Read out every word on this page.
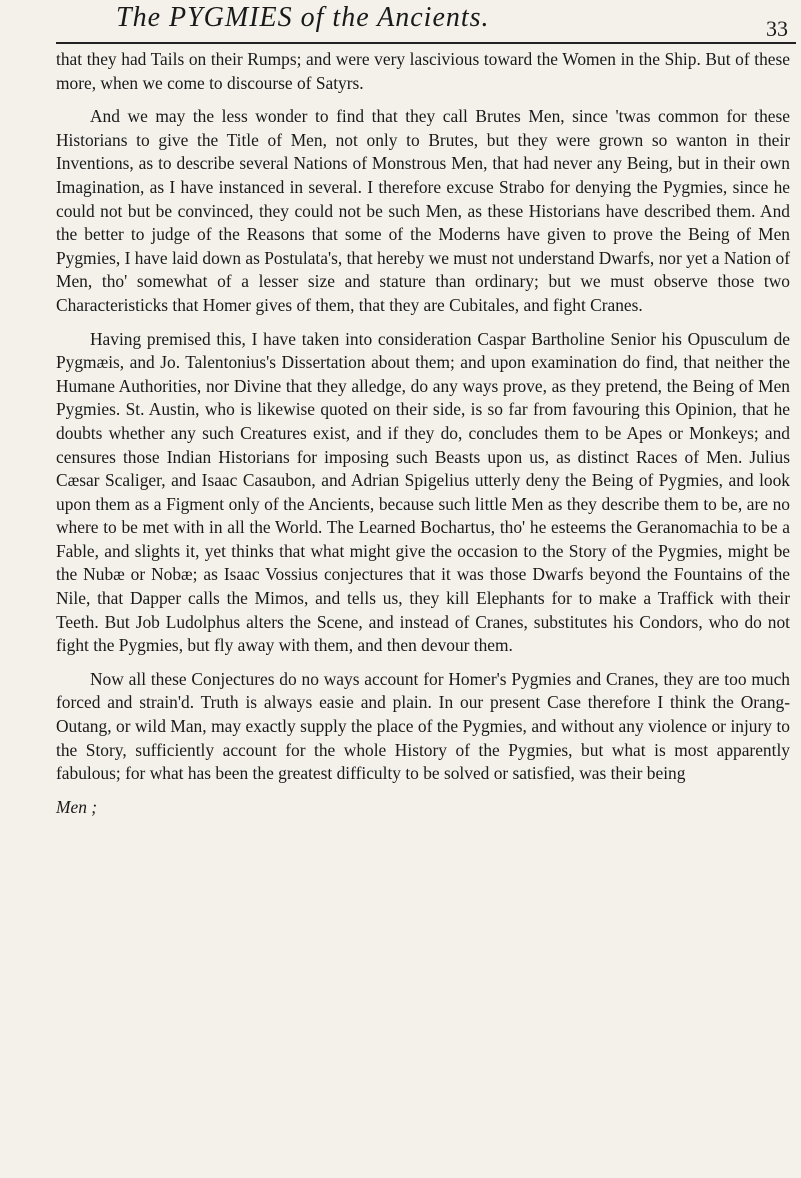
The PYGMIES of the Ancients.	33

that they had Tails on their Rumps; and were very lascivious toward the Women in the Ship. But of these more, when we come to discourse of Satyrs.

And we may the less wonder to find that they call Brutes Men, since 'twas common for these Historians to give the Title of Men, not only to Brutes, but they were grown so wanton in their Inventions, as to describe several Nations of Monstrous Men, that had never any Being, but in their own Imagination, as I have instanced in several. I therefore excuse Strabo for denying the Pygmies, since he could not but be convinced, they could not be such Men, as these Historians have described them. And the better to judge of the Reasons that some of the Moderns have given to prove the Being of Men Pygmies, I have laid down as Postulata's, that hereby we must not understand Dwarfs, nor yet a Nation of Men, tho' somewhat of a lesser size and stature than ordinary; but we must observe those two Characteristicks that Homer gives of them, that they are Cubitales, and fight Cranes.

Having premised this, I have taken into consideration Caspar Bartholine Senior his Opusculum de Pygmæis, and Jo. Talentonius's Dissertation about them; and upon examination do find, that neither the Humane Authorities, nor Divine that they alledge, do any ways prove, as they pretend, the Being of Men Pygmies. St. Austin, who is likewise quoted on their side, is so far from favouring this Opinion, that he doubts whether any such Creatures exist, and if they do, concludes them to be Apes or Monkeys; and censures those Indian Historians for imposing such Beasts upon us, as distinct Races of Men. Julius Cæsar Scaliger, and Isaac Casaubon, and Adrian Spigelius utterly deny the Being of Pygmies, and look upon them as a Figment only of the Ancients, because such little Men as they describe them to be, are no where to be met with in all the World. The Learned Bochartus, tho' he esteems the Geranomachia to be a Fable, and slights it, yet thinks that what might give the occasion to the Story of the Pygmies, might be the Nubæ or Nobæ; as Isaac Vossius conjectures that it was those Dwarfs beyond the Fountains of the Nile, that Dapper calls the Mimos, and tells us, they kill Elephants for to make a Traffick with their Teeth. But Job Ludolphus alters the Scene, and instead of Cranes, substitutes his Condors, who do not fight the Pygmies, but fly away with them, and then devour them.

Now all these Conjectures do no ways account for Homer's Pygmies and Cranes, they are too much forced and strain'd. Truth is always easie and plain. In our present Case therefore I think the Orang-Outang, or wild Man, may exactly supply the place of the Pygmies, and without any violence or injury to the Story, sufficiently account for the whole History of the Pygmies, but what is most apparently fabulous; for what has been the greatest difficulty to be solved or satisfied, was their being

Men ;
